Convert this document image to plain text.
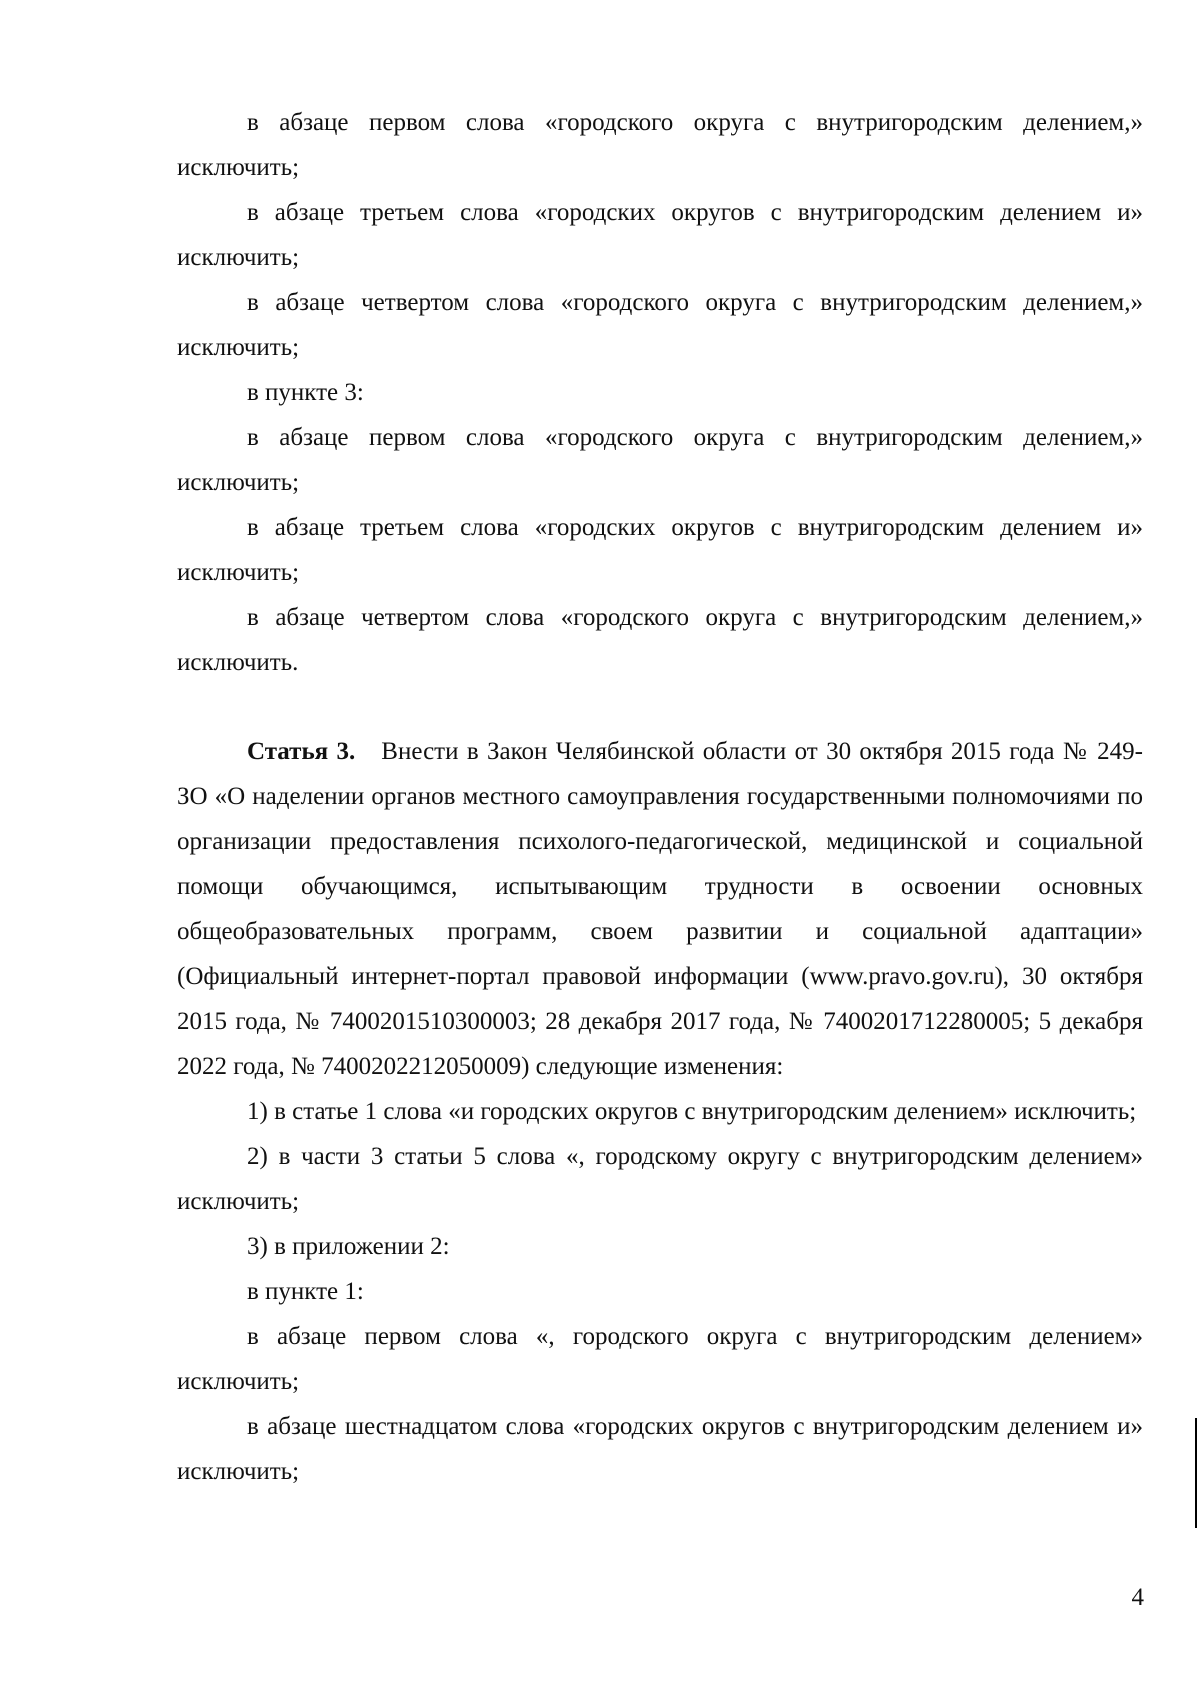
в абзаце первом слова «городского округа с внутригородским делением,» исключить;

в абзаце третьем слова «городских округов с внутригородским делением и» исключить;

в абзаце четвертом слова «городского округа с внутригородским делением,» исключить;

в пункте 3:

в абзаце первом слова «городского округа с внутригородским делением,» исключить;

в абзаце третьем слова «городских округов с внутригородским делением и» исключить;

в абзаце четвертом слова «городского округа с внутригородским делением,» исключить.

Статья 3. Внести в Закон Челябинской области от 30 октября 2015 года № 249-ЗО «О наделении органов местного самоуправления государственными полномочиями по организации предоставления психолого-педагогической, медицинской и социальной помощи обучающимся, испытывающим трудности в освоении основных общеобразовательных программ, своем развитии и социальной адаптации» (Официальный интернет-портал правовой информации (www.pravo.gov.ru), 30 октября 2015 года, № 7400201510300003; 28 декабря 2017 года, № 7400201712280005; 5 декабря 2022 года, № 7400202212050009) следующие изменения:

1) в статье 1 слова «и городских округов с внутригородским делением» исключить;

2) в части 3 статьи 5 слова «, городскому округу с внутригородским делением» исключить;

3) в приложении 2:

в пункте 1:

в абзаце первом слова «, городского округа с внутригородским делением» исключить;

в абзаце шестнадцатом слова «городских округов с внутригородским делением и» исключить;

4
